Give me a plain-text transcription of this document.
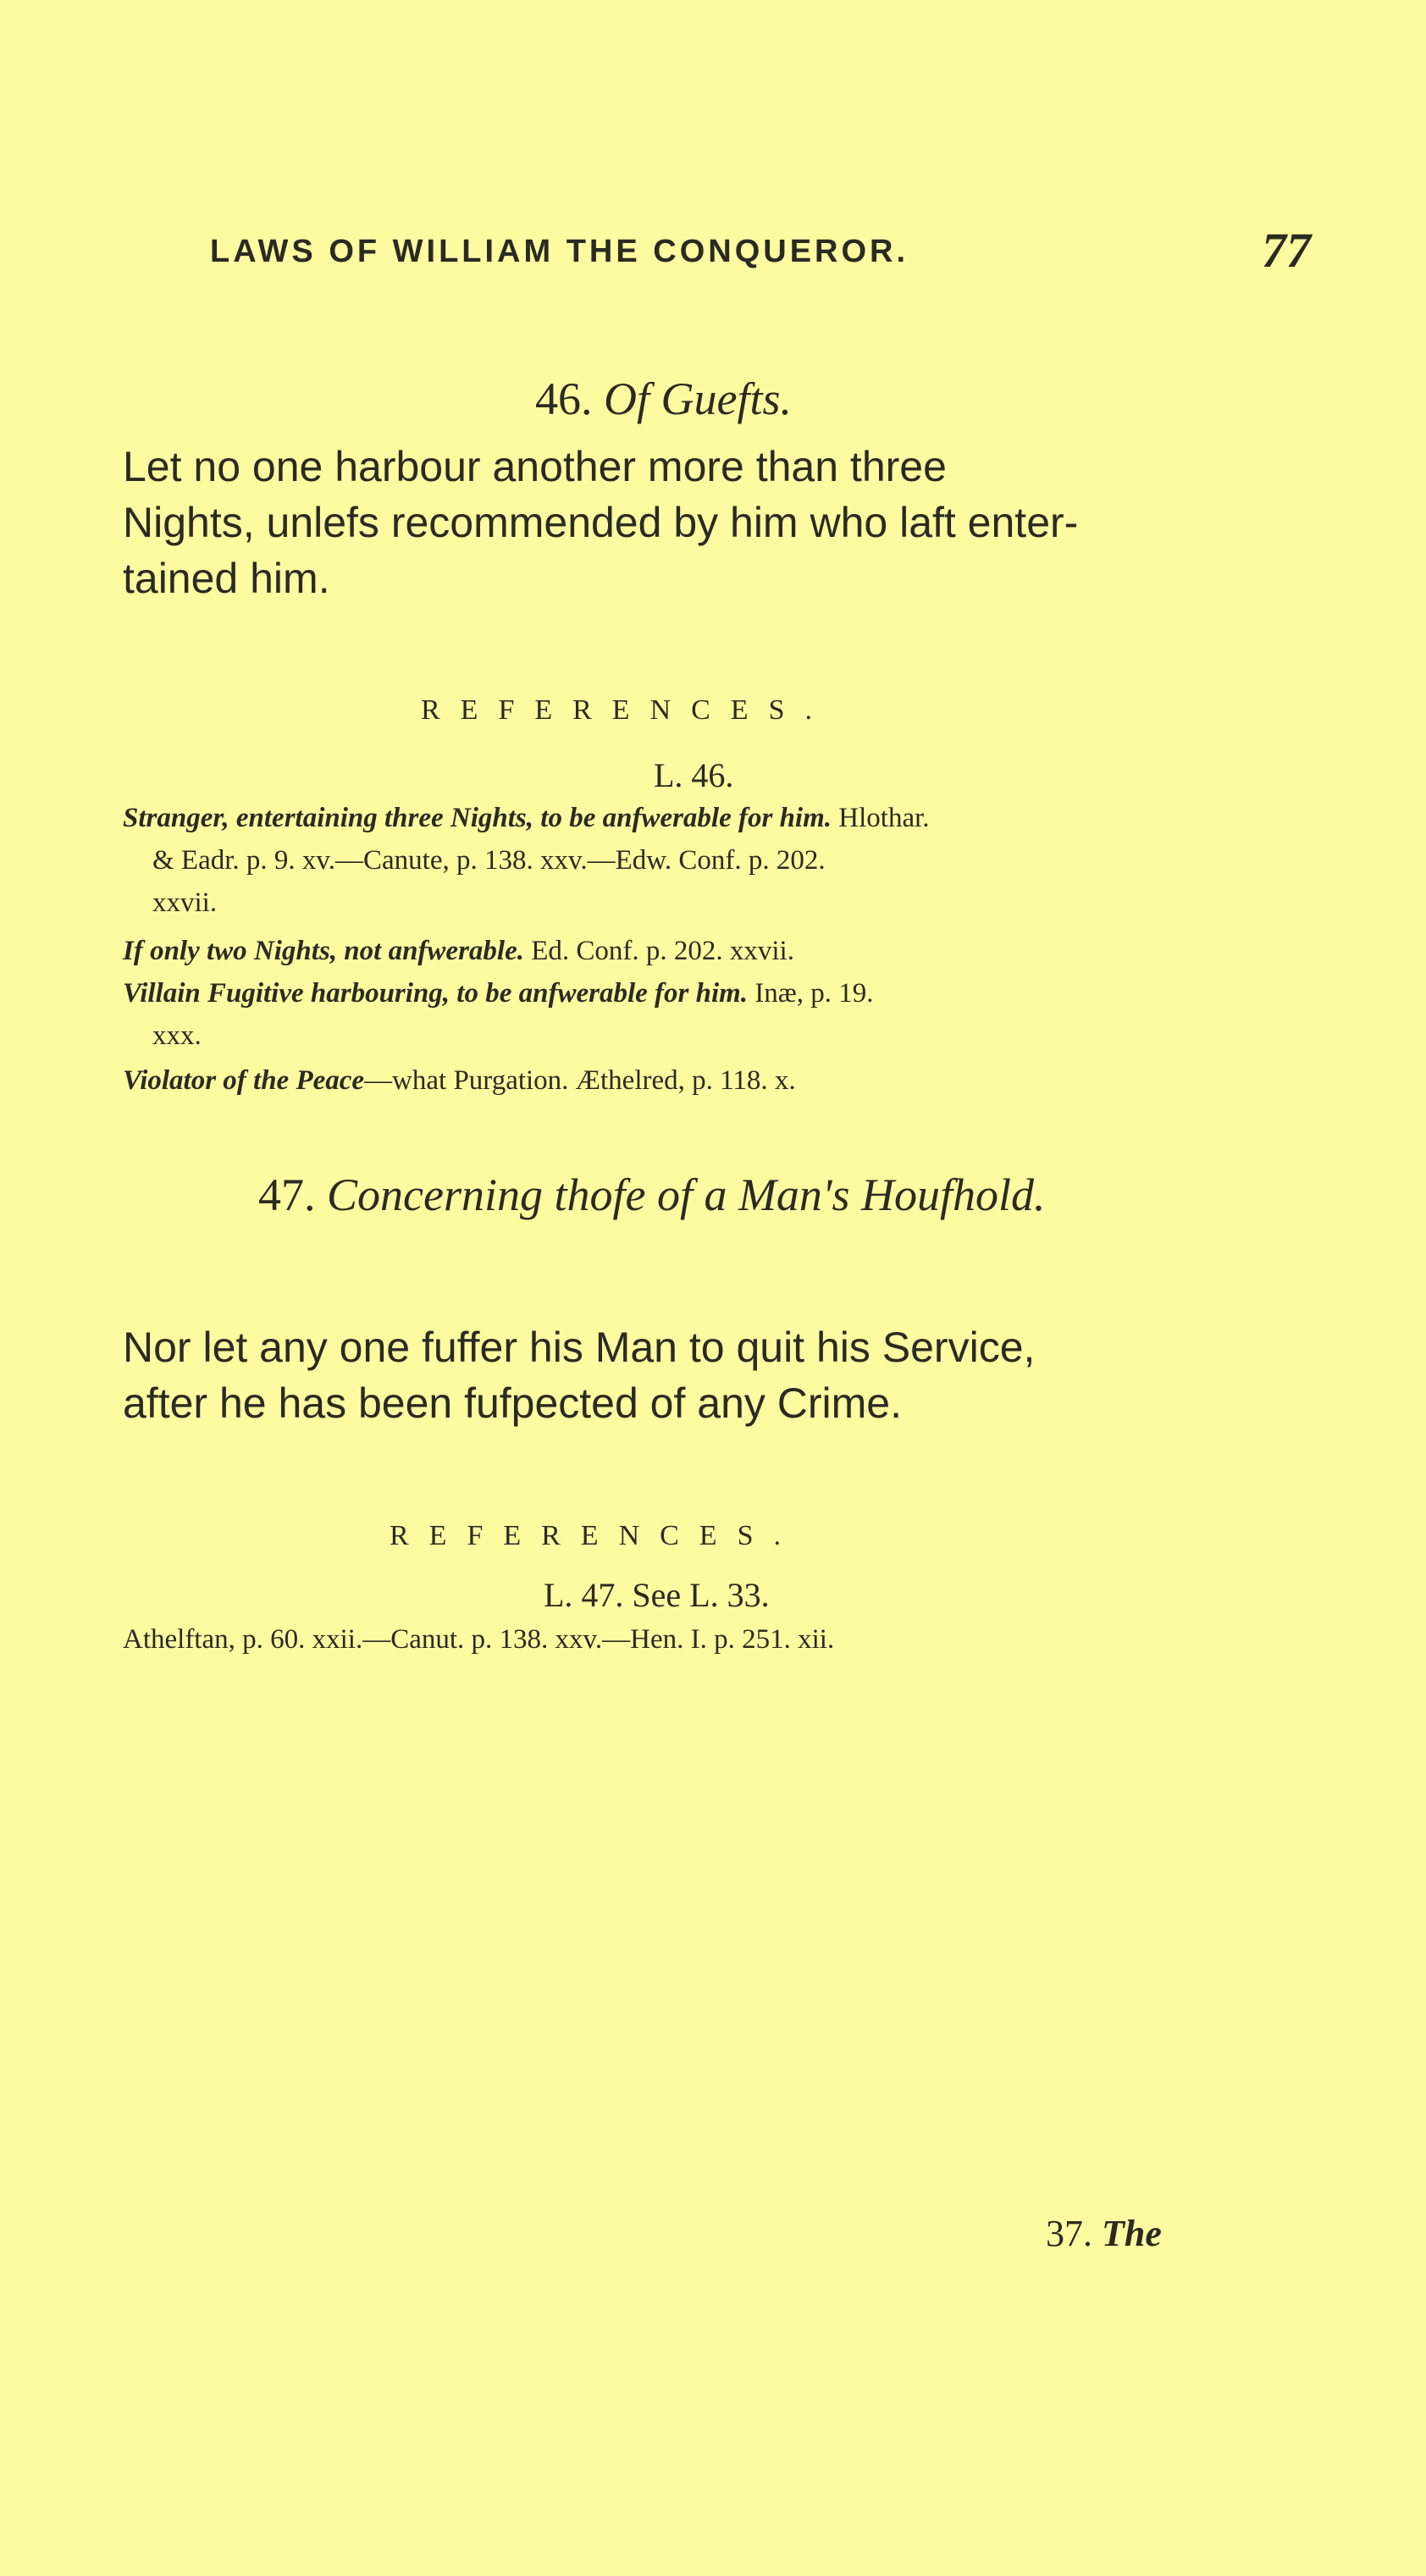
LAWS OF WILLIAM THE CONQUEROR.	77
46. Of Guefts.
Let no one harbour another more than three
Nights, unlefs recommended by him who laft enter-
tained him.
REFERENCES.
L. 46.
Stranger, entertaining three Nights, to be anfwerable for him. Hlothar.
& Eadr. p. 9. xv.—Canute, p. 138. xxv.—Edw. Conf. p. 202.
xxvii.
If only two Nights, not anfwerable. Ed. Conf. p. 202. xxvii.
Villain Fugitive harbouring, to be anfwerable for him. Inæ, p. 19.
xxx.
Violator of the Peace—what Purgation. Æthelred, p. 118. x.
47. Concerning thofe of a Man's Houfhold.
Nor let any one fuffer his Man to quit his Service,
after he has been fufpected of any Crime.
REFERENCES.
L. 47. See L. 33.
Athelftan, p. 60. xxii.—Canut. p. 138. xxv.—Hen. I. p. 251. xii.
37. The
